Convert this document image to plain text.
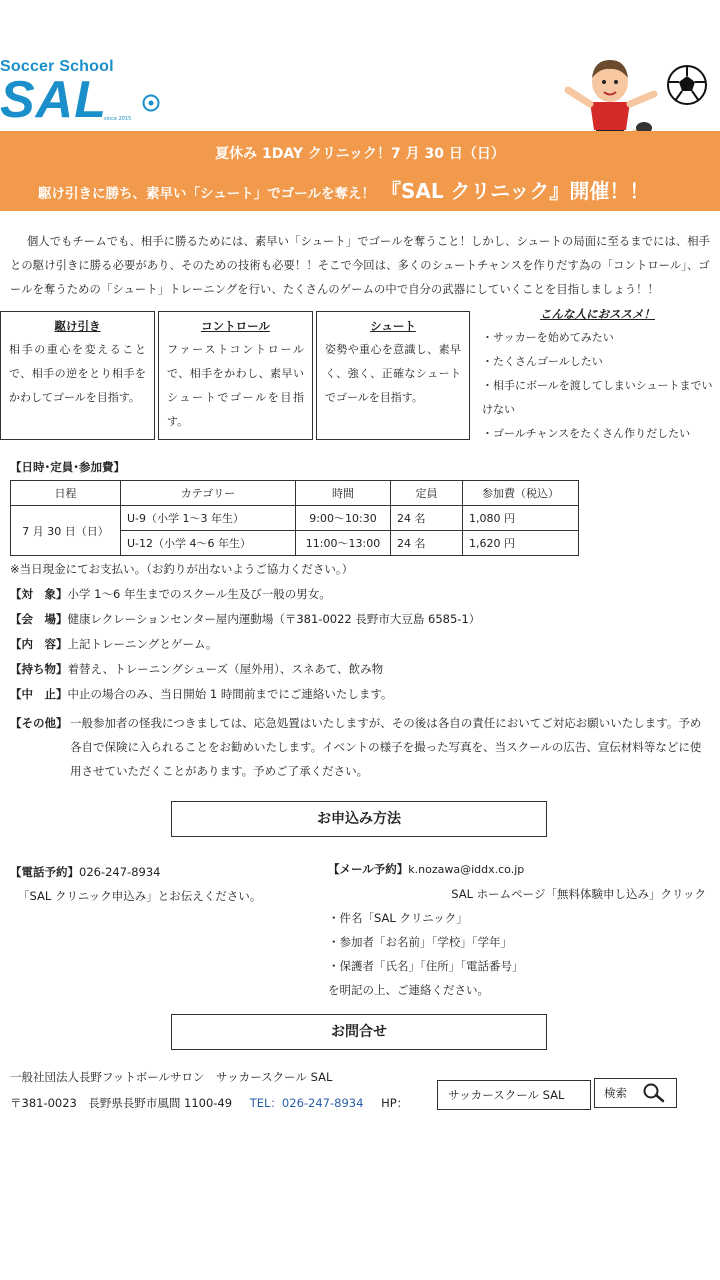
Soccer School
SAL
since 2015
夏休み 1DAY クリニック！7 月 30 日（日）
駆け引きに勝ち、素早い「シュート」でゴールを奪え！ 『SAL クリニック』開催！！
個人でもチームでも、相手に勝るためには、素早い「シュート」でゴールを奪うこと！しかし、シュートの局面に至るまでには、相手との駆け引きに勝る必要があり、そのための技術も必要！！そこで今回は、多くのシュートチャンスを作りだす為の「コントロール」、ゴールを奪うための「シュート」トレーニングを行い、たくさんのゲームの中で自分の武器にしていくことを目指しましょう！！
駆け引き
相手の重心を変えることで、相手の逆をとり相手をかわしてゴールを目指す。
コントロール
ファーストコントロールで、相手をかわし、素早いシュートでゴールを目指す。
シュート
姿勢や重心を意識し、素早く、強く、正確なシュートでゴールを目指す。
こんな人におススメ！
・サッカーを始めてみたい
・たくさんゴールしたい
・相手にボールを渡してしまいシュートまでいけない
・ゴールチャンスをたくさん作りだしたい
【日時･定員･参加費】
日程	カテゴリー	時間	定員	参加費（税込）
7 月 30 日（日）	U-9（小学 1～3 年生）	9:00～10:30	24 名	1,080 円
	U-12（小学 4～6 年生）	11:00～13:00	24 名	1,620 円
※当日現金にてお支払い。（お釣りが出ないようご協力ください。）
【対　象】小学 1～6 年生までのスクール生及び一般の男女。
【会　場】健康レクレーションセンター屋内運動場（〒381-0022 長野市大豆島 6585-1）
【内　容】上記トレーニングとゲーム。
【持ち物】着替え、トレーニングシューズ（屋外用）、スネあて、飲み物
【中　止】中止の場合のみ、当日開始 1 時間前までにご連絡いたします。
【その他】 一般参加者の怪我につきましては、応急処置はいたしますが、その後は各自の責任においてご対応お願いいたします。予め各自で保険に入られることをお勧めいたします。イベントの様子を撮った写真を、当スクールの広告、宣伝材料等などに使用させていただくことがあります。予めご了承ください。
お申込み方法
【電話予約】026-247-8934
「SAL クリニック申込み」とお伝えください。
【メール予約】k.nozawa@iddx.co.jp
SAL ホームページ「無料体験申し込み」クリック
・件名「SAL クリニック」
・参加者「お名前」「学校」「学年」
・保護者「氏名」「住所」「電話番号」
を明記の上、ご連絡ください。
お問合せ
一般社団法人長野フットボールサロン　サッカースクール SAL
〒381-0023　長野県長野市風間 1100-49 TEL：026-247-8934 HP：
サッカースクール SAL	検索
